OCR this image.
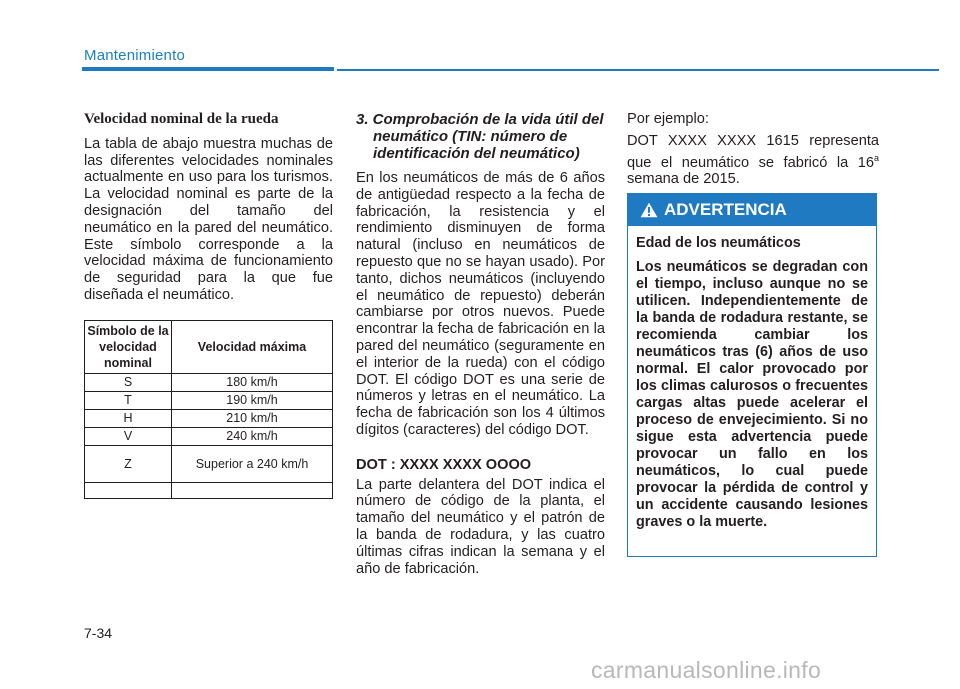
Mantenimiento
Velocidad nominal de la rueda

La tabla de abajo muestra muchas de las diferentes velocidades nominales actualmente en uso para los turismos. La velocidad nominal es parte de la designación del tamaño del neumático en la pared del neumático. Este símbolo corresponde a la velocidad máxima de funcionamiento de seguridad para la que fue diseñada el neumático.

Símbolo de la velocidad nominal	Velocidad máxima
S	180 km/h
T	190 km/h
H	210 km/h
V	240 km/h
Z	Superior a 240 km/h

3. Comprobación de la vida útil del neumático (TIN: número de identificación del neumático)

En los neumáticos de más de 6 años de antigüedad respecto a la fecha de fabricación, la resistencia y el rendimiento disminuyen de forma natural (incluso en neumáticos de repuesto que no se hayan usado). Por tanto, dichos neumáticos (incluyendo el neumático de repuesto) deberán cambiarse por otros nuevos. Puede encontrar la fecha de fabricación en la pared del neumático (seguramente en el interior de la rueda) con el código DOT. El código DOT es una serie de números y letras en el neumático. La fecha de fabricación son los 4 últimos dígitos (caracteres) del código DOT.

DOT : XXXX XXXX OOOO

La parte delantera del DOT indica el número de código de la planta, el tamaño del neumático y el patrón de la banda de rodadura, y las cuatro últimas cifras indican la semana y el año de fabricación.

Por ejemplo:

DOT XXXX XXXX 1615 representa que el neumático se fabricó la 16$^a$ semana de 2015.

ADVERTENCIA

Edad de los neumáticos

Los neumáticos se degradan con el tiempo, incluso aunque no se utilicen. Independientemente de la banda de rodadura restante, se recomienda cambiar los neumáticos tras (6) años de uso normal. El calor provocado por los climas calurosos o frecuentes cargas altas puede acelerar el proceso de envejecimiento. Si no sigue esta advertencia puede provocar un fallo en los neumáticos, lo cual puede provocar la pérdida de control y un accidente causando lesiones graves o la muerte.

7-34
carmanualsonline.info
